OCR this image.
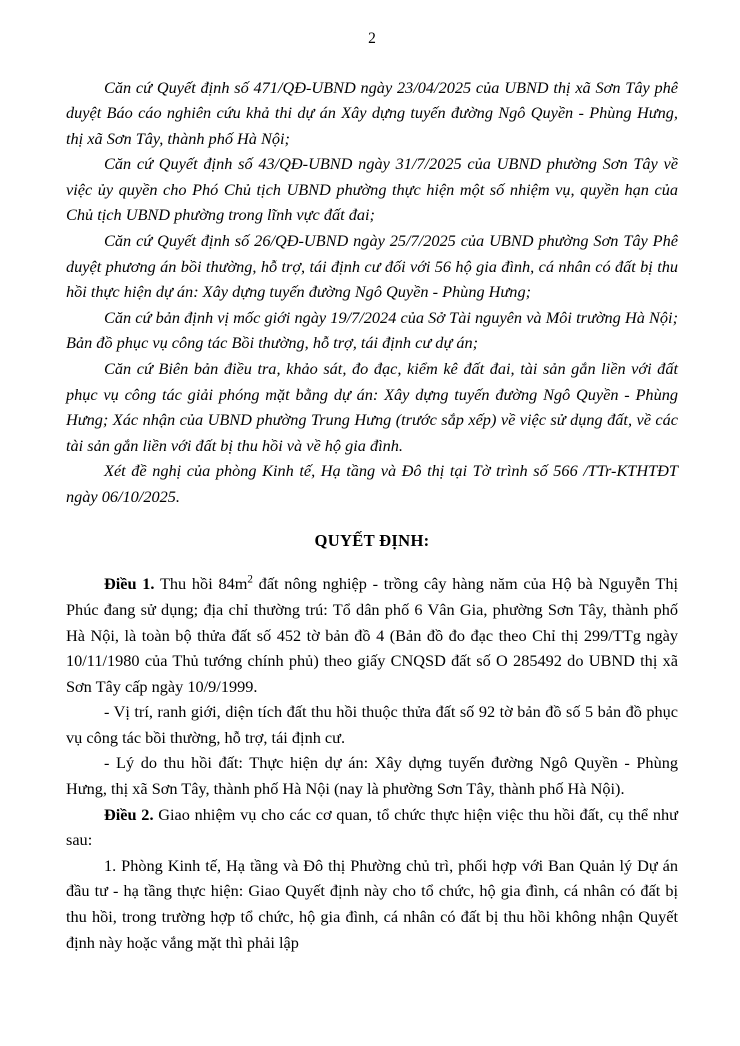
2

Căn cứ Quyết định số 471/QĐ-UBND ngày 23/04/2025 của UBND thị xã Sơn Tây phê duyệt Báo cáo nghiên cứu khả thi dự án Xây dựng tuyến đường Ngô Quyền - Phùng Hưng, thị xã Sơn Tây, thành phố Hà Nội;

Căn cứ Quyết định số 43/QĐ-UBND ngày 31/7/2025 của UBND phường Sơn Tây về việc ủy quyền cho Phó Chủ tịch UBND phường thực hiện một số nhiệm vụ, quyền hạn của Chủ tịch UBND phường trong lĩnh vực đất đai;

Căn cứ Quyết định số 26/QĐ-UBND ngày 25/7/2025 của UBND phường Sơn Tây Phê duyệt phương án bồi thường, hỗ trợ, tái định cư đối với 56 hộ gia đình, cá nhân có đất bị thu hồi thực hiện dự án: Xây dựng tuyến đường Ngô Quyền - Phùng Hưng;

Căn cứ bản định vị mốc giới ngày 19/7/2024 của Sở Tài nguyên và Môi trường Hà Nội; Bản đồ phục vụ công tác Bồi thường, hỗ trợ, tái định cư dự án;

Căn cứ Biên bản điều tra, khảo sát, đo đạc, kiểm kê đất đai, tài sản gắn liền với đất phục vụ công tác giải phóng mặt bằng dự án: Xây dựng tuyến đường Ngô Quyền - Phùng Hưng; Xác nhận của UBND phường Trung Hưng (trước sắp xếp) về việc sử dụng đất, về các tài sản gắn liền với đất bị thu hồi và về hộ gia đình.

Xét đề nghị của phòng Kinh tế, Hạ tầng và Đô thị tại Tờ trình số 566 /TTr-KTHTĐT ngày 06/10/2025.

QUYẾT ĐỊNH:

Điều 1. Thu hồi $84m^2$ đất nông nghiệp - trồng cây hàng năm của Hộ bà Nguyễn Thị Phúc đang sử dụng; địa chỉ thường trú: Tổ dân phố 6 Vân Gia, phường Sơn Tây, thành phố Hà Nội, là toàn bộ thửa đất số 452 tờ bản đồ 4 (Bản đồ đo đạc theo Chỉ thị 299/TTg ngày 10/11/1980 của Thủ tướng chính phủ) theo giấy CNQSD đất số O 285492 do UBND thị xã Sơn Tây cấp ngày 10/9/1999.

- Vị trí, ranh giới, diện tích đất thu hồi thuộc thửa đất số 92 tờ bản đồ số 5 bản đồ phục vụ công tác bồi thường, hỗ trợ, tái định cư.

- Lý do thu hồi đất: Thực hiện dự án: Xây dựng tuyến đường Ngô Quyền - Phùng Hưng, thị xã Sơn Tây, thành phố Hà Nội (nay là phường Sơn Tây, thành phố Hà Nội).

Điều 2. Giao nhiệm vụ cho các cơ quan, tổ chức thực hiện việc thu hồi đất, cụ thể như sau:

1. Phòng Kinh tế, Hạ tầng và Đô thị Phường chủ trì, phối hợp với Ban Quản lý Dự án đầu tư - hạ tầng thực hiện: Giao Quyết định này cho tổ chức, hộ gia đình, cá nhân có đất bị thu hồi, trong trường hợp tổ chức, hộ gia đình, cá nhân có đất bị thu hồi không nhận Quyết định này hoặc vắng mặt thì phải lập
